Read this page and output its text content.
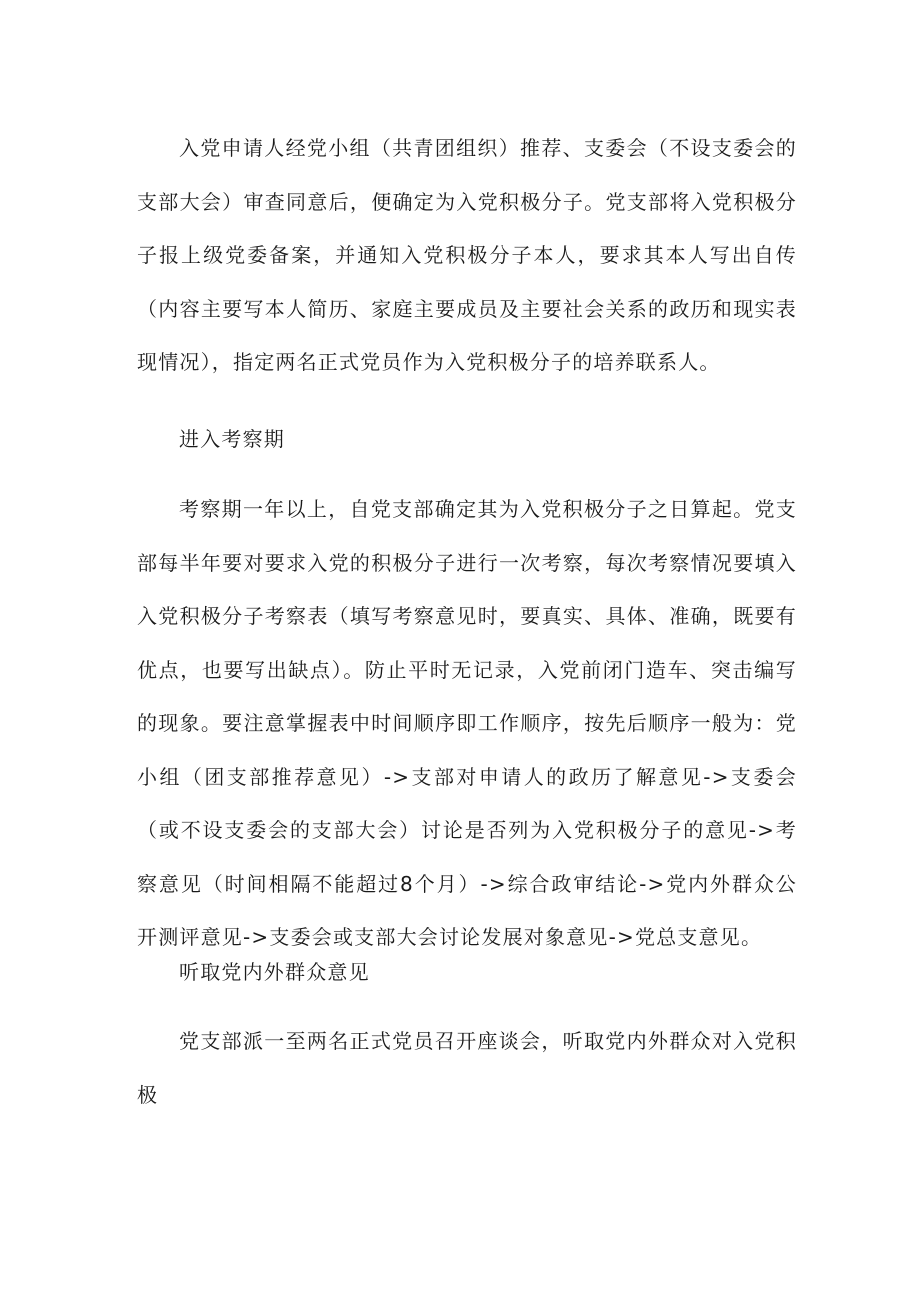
入党申请人经党小组（共青团组织）推荐、支委会（不设支委会的支部大会）审查同意后，便确定为入党积极分子。党支部将入党积极分子报上级党委备案，并通知入党积极分子本人，要求其本人写出自传（内容主要写本人简历、家庭主要成员及主要社会关系的政历和现实表现情况），指定两名正式党员作为入党积极分子的培养联系人。

进入考察期

考察期一年以上，自党支部确定其为入党积极分子之日算起。党支部每半年要对要求入党的积极分子进行一次考察，每次考察情况要填入入党积极分子考察表（填写考察意见时，要真实、具体、准确，既要有优点，也要写出缺点）。防止平时无记录，入党前闭门造车、突击编写的现象。要注意掌握表中时间顺序即工作顺序，按先后顺序一般为：党小组（团支部推荐意见）->支部对申请人的政历了解意见->支委会（或不设支委会的支部大会）讨论是否列为入党积极分子的意见->考察意见（时间相隔不能超过8个月）->综合政审结论->党内外群众公开测评意见->支委会或支部大会讨论发展对象意见->党总支意见。

听取党内外群众意见

党支部派一至两名正式党员召开座谈会，听取党内外群众对入党积极
